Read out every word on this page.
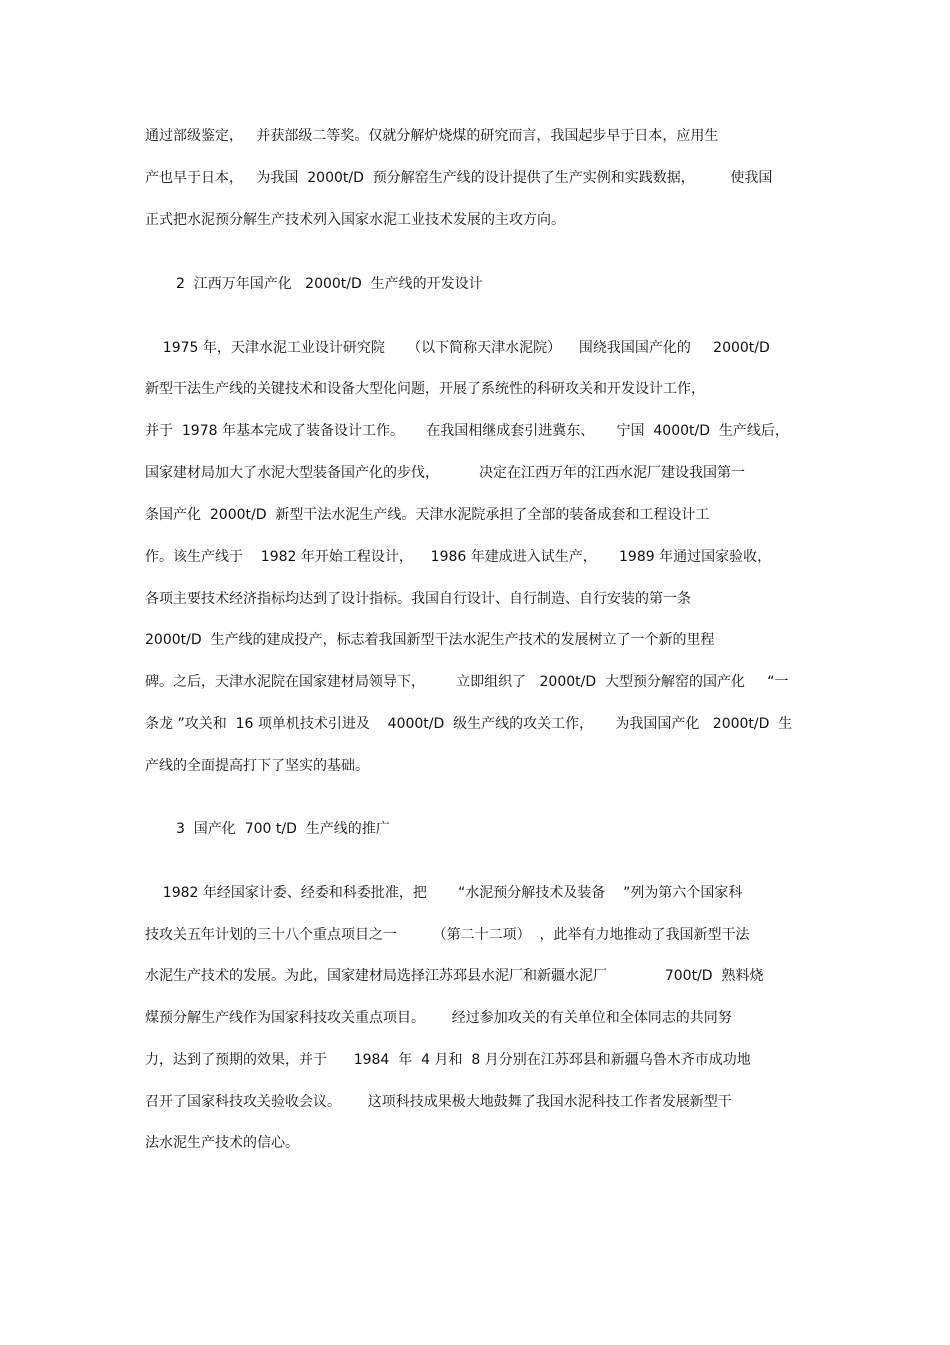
通过部级鉴定，   并获部级二等奖。仅就分解炉烧煤的研究而言，我国起步早于日本，应用生

产也早于日本，   为我国  2000t/D  预分解窑生产线的设计提供了生产实例和实践数据，        使我国

正式把水泥预分解生产技术列入国家水泥工业技术发展的主攻方向。

2  江西万年国产化   2000t/D  生产线的开发设计

1975 年，天津水泥工业设计研究院     （以下简称天津水泥院）    围绕我国国产化的     2000t/D

新型干法生产线的关键技术和设备大型化问题，开展了系统性的科研攻关和开发设计工作，

并于  1978 年基本完成了装备设计工作。     在我国相继成套引进冀东、     宁国  4000t/D  生产线后，

国家建材局加大了水泥大型装备国产化的步伐，         决定在江西万年的江西水泥厂建设我国第一

条国产化  2000t/D  新型干法水泥生产线。天津水泥院承担了全部的装备成套和工程设计工

作。该生产线于    1982 年开始工程设计，    1986 年建成进入试生产，     1989 年通过国家验收，

各项主要技术经济指标均达到了设计指标。我国自行设计、自行制造、自行安装的第一条

2000t/D  生产线的建成投产，标志着我国新型干法水泥生产技术的发展树立了一个新的里程

碑。之后，天津水泥院在国家建材局领导下，       立即组织了   2000t/D  大型预分解窑的国产化     “一

条龙 ”攻关和  16 项单机技术引进及    4000t/D  级生产线的攻关工作，     为我国国产化   2000t/D  生

产线的全面提高打下了坚实的基础。

3  国产化  700 t/D  生产线的推广

1982 年经国家计委、经委和科委批准，把       “水泥预分解技术及装备    ”列为第六个国家科

技攻关五年计划的三十八个重点项目之一        （第二十二项）  ，此举有力地推动了我国新型干法

水泥生产技术的发展。为此，国家建材局选择江苏邳县水泥厂和新疆水泥厂             700t/D  熟料烧

煤预分解生产线作为国家科技攻关重点项目。      经过参加攻关的有关单位和全体同志的共同努

力，达到了预期的效果，并于      1984  年  4 月和  8 月分别在江苏邳县和新疆乌鲁木齐市成功地

召开了国家科技攻关验收会议。      这项科技成果极大地鼓舞了我国水泥科技工作者发展新型干

法水泥生产技术的信心。
